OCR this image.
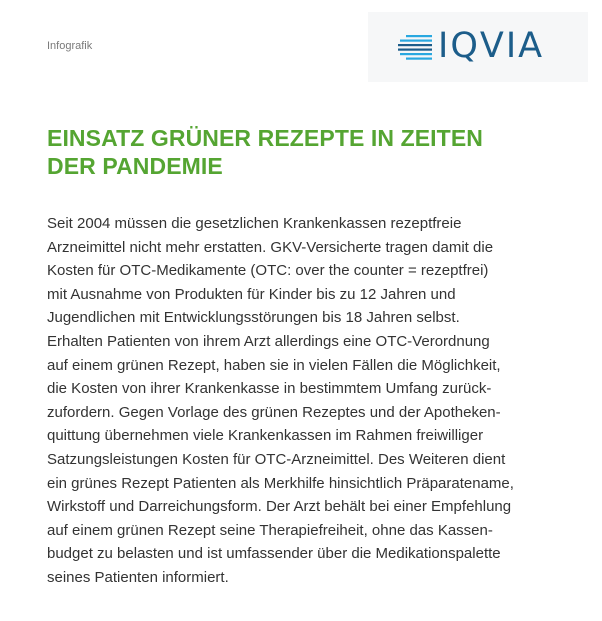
Infografik	IQVIA
EINSATZ GRÜNER REZEPTE IN ZEITEN
DER PANDEMIE

Seit 2004 müssen die gesetzlichen Krankenkassen rezeptfreie
Arzneimittel nicht mehr erstatten. GKV-Versicherte tragen damit die
Kosten für OTC-Medikamente (OTC: over the counter = rezeptfrei)
mit Ausnahme von Produkten für Kinder bis zu 12 Jahren und
Jugendlichen mit Entwicklungsstörungen bis 18 Jahren selbst.
Erhalten Patienten von ihrem Arzt allerdings eine OTC-Verordnung
auf einem grünen Rezept, haben sie in vielen Fällen die Möglichkeit,
die Kosten von ihrer Krankenkasse in bestimmtem Umfang zurück-
zufordern. Gegen Vorlage des grünen Rezeptes und der Apotheken-
quittung übernehmen viele Krankenkassen im Rahmen freiwilliger
Satzungsleistungen Kosten für OTC-Arzneimittel. Des Weiteren dient
ein grünes Rezept Patienten als Merkhilfe hinsichtlich Präparatename,
Wirkstoff und Darreichungsform. Der Arzt behält bei einer Empfehlung
auf einem grünen Rezept seine Therapiefreiheit, ohne das Kassen-
budget zu belasten und ist umfassender über die Medikationspalette
seines Patienten informiert.
